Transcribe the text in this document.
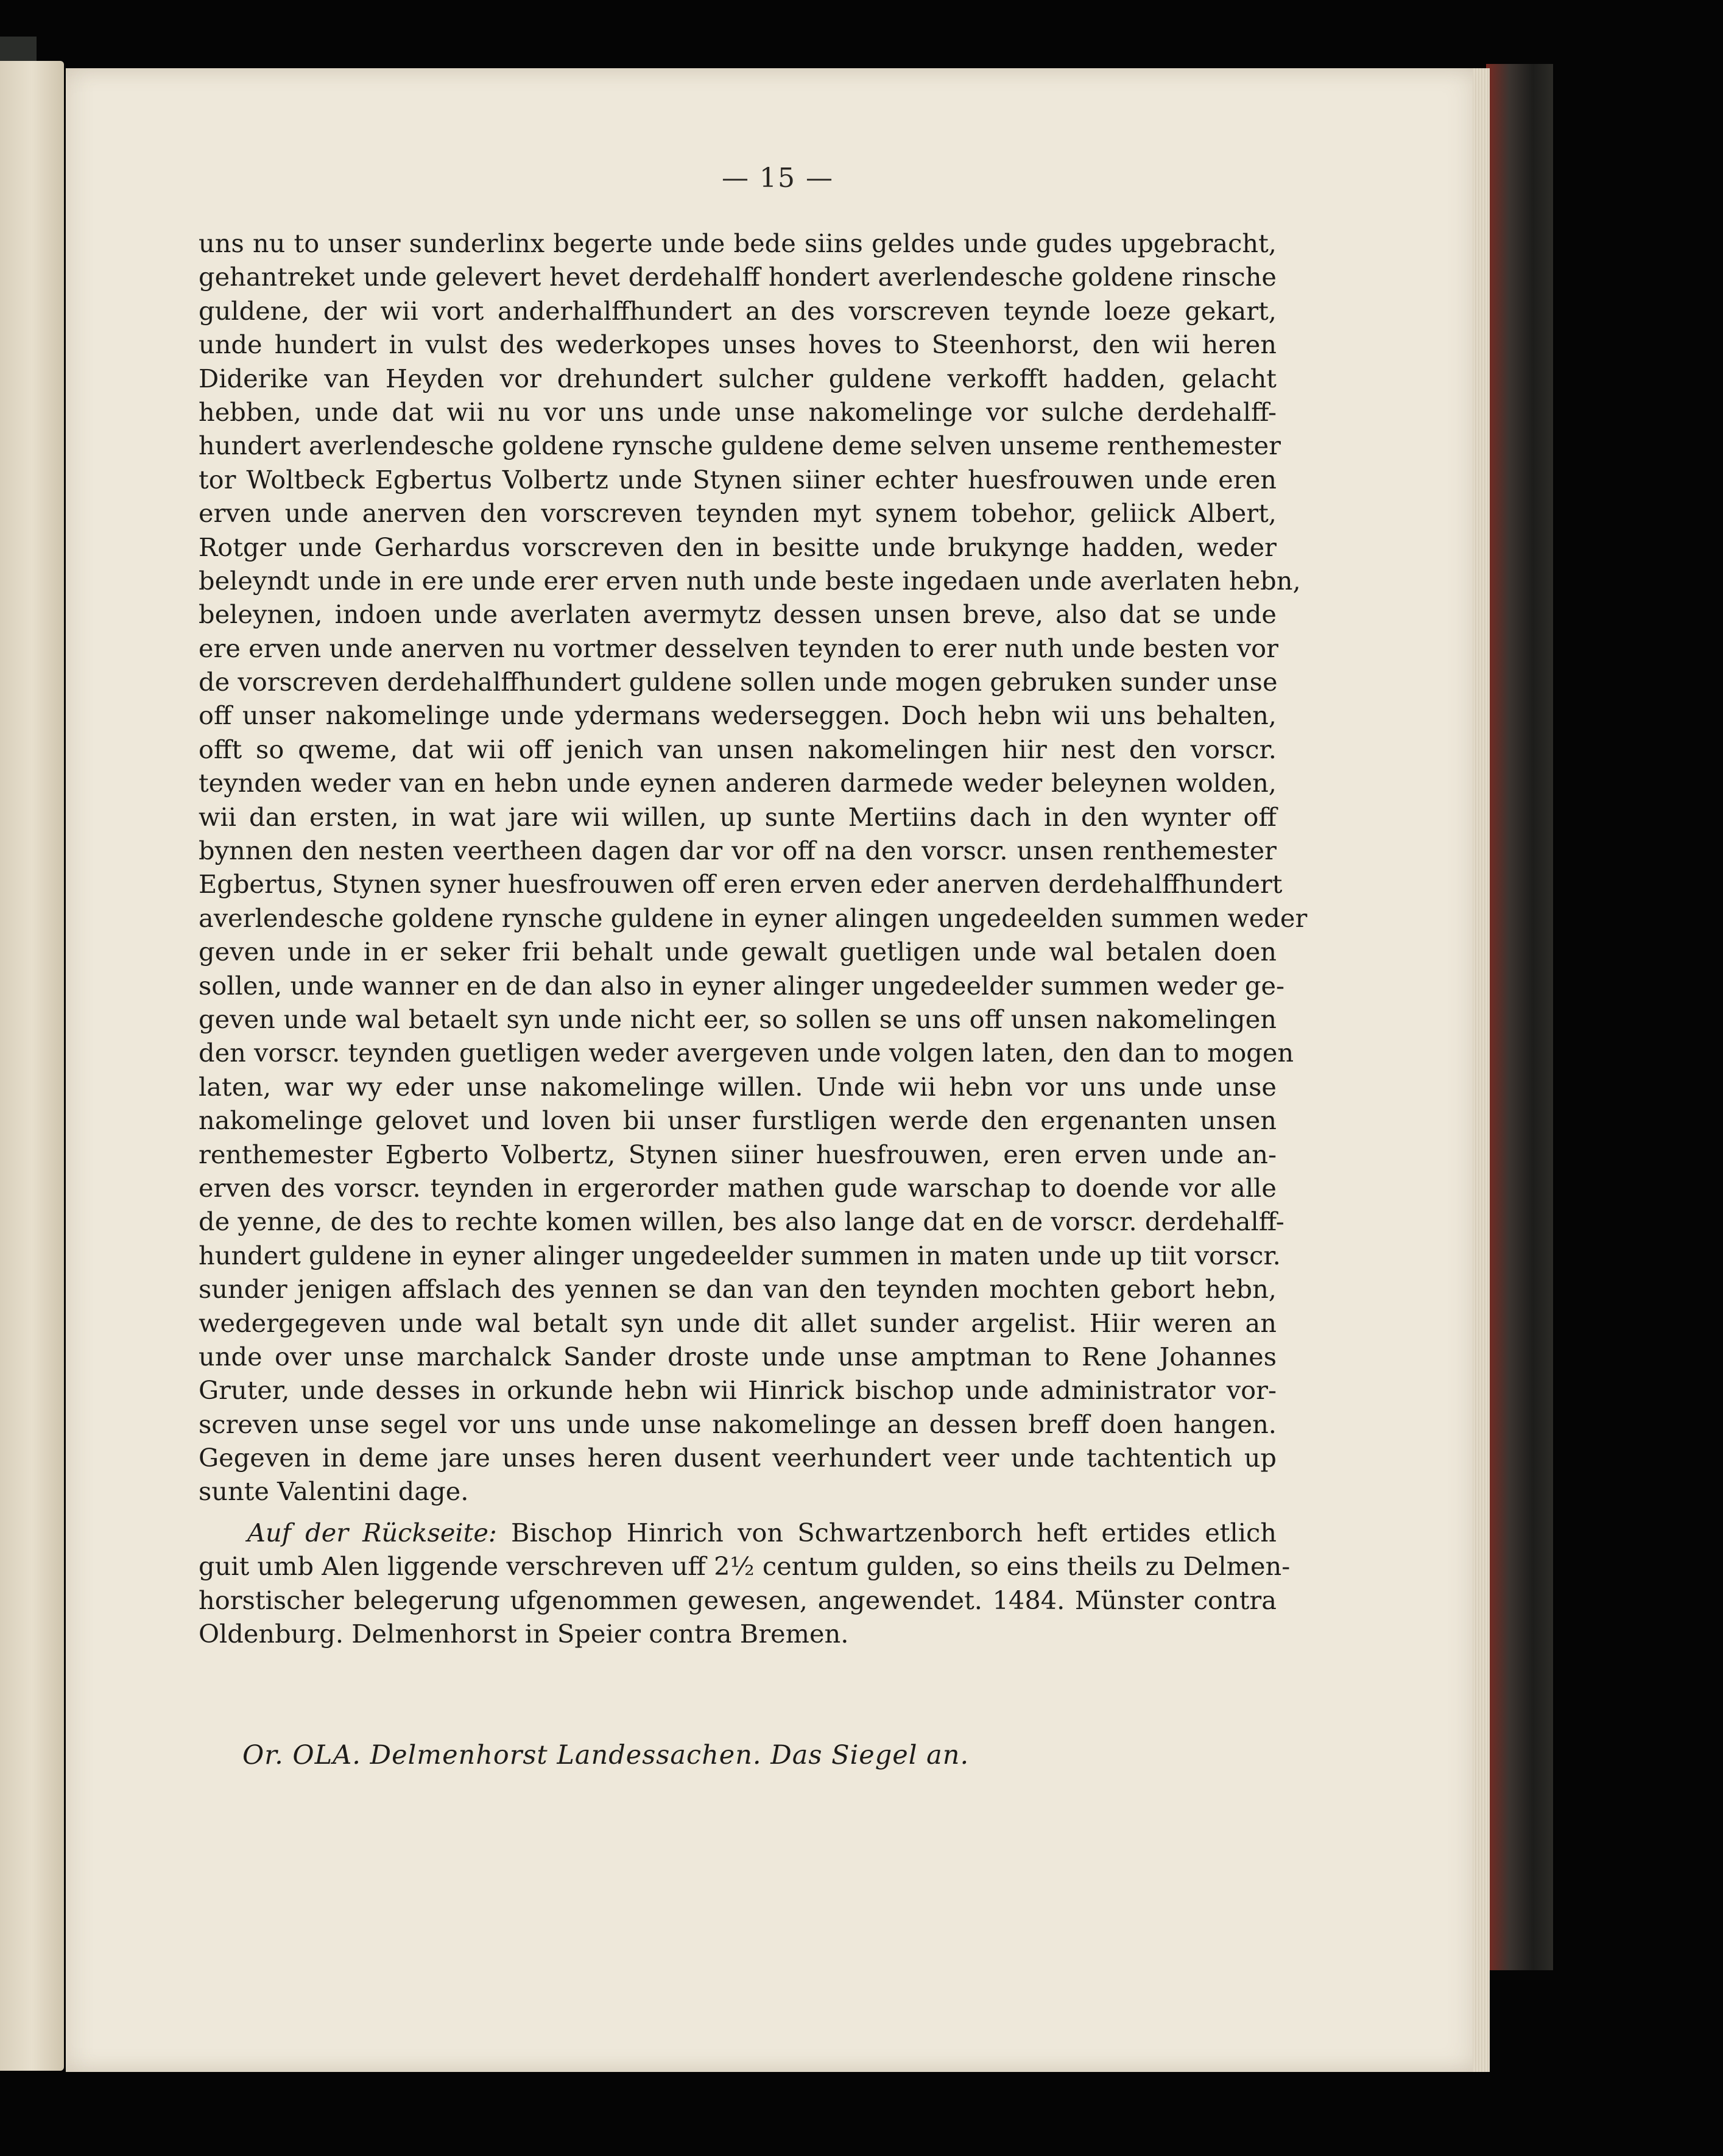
— 15 —
uns nu to unser sunderlinx begerte unde bede siins geldes unde gudes upgebracht,
gehantreket unde gelevert hevet derdehalff hondert averlendesche goldene rinsche
guldene, der wii vort anderhalffhundert an des vorscreven teynde loeze gekart,
unde hundert in vulst des wederkopes unses hoves to Steenhorst, den wii heren
Diderike van Heyden vor drehundert sulcher guldene verkofft hadden, gelacht
hebben, unde dat wii nu vor uns unde unse nakomelinge vor sulche derdehalff-
hundert averlendesche goldene rynsche guldene deme selven unseme renthemester
tor Woltbeck Egbertus Volbertz unde Stynen siiner echter huesfrouwen unde eren
erven unde anerven den vorscreven teynden myt synem tobehor, geliick Albert,
Rotger unde Gerhardus vorscreven den in besitte unde brukynge hadden, weder
beleyndt unde in ere unde erer erven nuth unde beste ingedaen unde averlaten hebn,
beleynen, indoen unde averlaten avermytz dessen unsen breve, also dat se unde
ere erven unde anerven nu vortmer desselven teynden to erer nuth unde besten vor
de vorscreven derdehalffhundert guldene sollen unde mogen gebruken sunder unse
off unser nakomelinge unde ydermans wederseggen. Doch hebn wii uns behalten,
offt so qweme, dat wii off jenich van unsen nakomelingen hiir nest den vorscr.
teynden weder van en hebn unde eynen anderen darmede weder beleynen wolden,
wii dan ersten, in wat jare wii willen, up sunte Mertiins dach in den wynter off
bynnen den nesten veertheen dagen dar vor off na den vorscr. unsen renthemester
Egbertus, Stynen syner huesfrouwen off eren erven eder anerven derdehalffhundert
averlendesche goldene rynsche guldene in eyner alingen ungedeelden summen weder
geven unde in er seker frii behalt unde gewalt guetligen unde wal betalen doen
sollen, unde wanner en de dan also in eyner alinger ungedeelder summen weder ge-
geven unde wal betaelt syn unde nicht eer, so sollen se uns off unsen nakomelingen
den vorscr. teynden guetligen weder avergeven unde volgen laten, den dan to mogen
laten, war wy eder unse nakomelinge willen. Unde wii hebn vor uns unde unse
nakomelinge gelovet und loven bii unser furstligen werde den ergenanten unsen
renthemester Egberto Volbertz, Stynen siiner huesfrouwen, eren erven unde an-
erven des vorscr. teynden in ergerorder mathen gude warschap to doende vor alle
de yenne, de des to rechte komen willen, bes also lange dat en de vorscr. derdehalff-
hundert guldene in eyner alinger ungedeelder summen in maten unde up tiit vorscr.
sunder jenigen affslach des yennen se dan van den teynden mochten gebort hebn,
wedergegeven unde wal betalt syn unde dit allet sunder argelist. Hiir weren an
unde over unse marchalck Sander droste unde unse amptman to Rene Johannes
Gruter, unde desses in orkunde hebn wii Hinrick bischop unde administrator vor-
screven unse segel vor uns unde unse nakomelinge an dessen breff doen hangen.
Gegeven in deme jare unses heren dusent veerhundert veer unde tachtentich up
sunte Valentini dage.
Auf der Rückseite: Bischop Hinrich von Schwartzenborch heft ertides etlich
guit umb Alen liggende verschreven uff 2½ centum gulden, so eins theils zu Delmen-
horstischer belegerung ufgenommen gewesen, angewendet. 1484. Münster contra
Oldenburg. Delmenhorst in Speier contra Bremen.
Or. OLA. Delmenhorst Landessachen. Das Siegel an.
